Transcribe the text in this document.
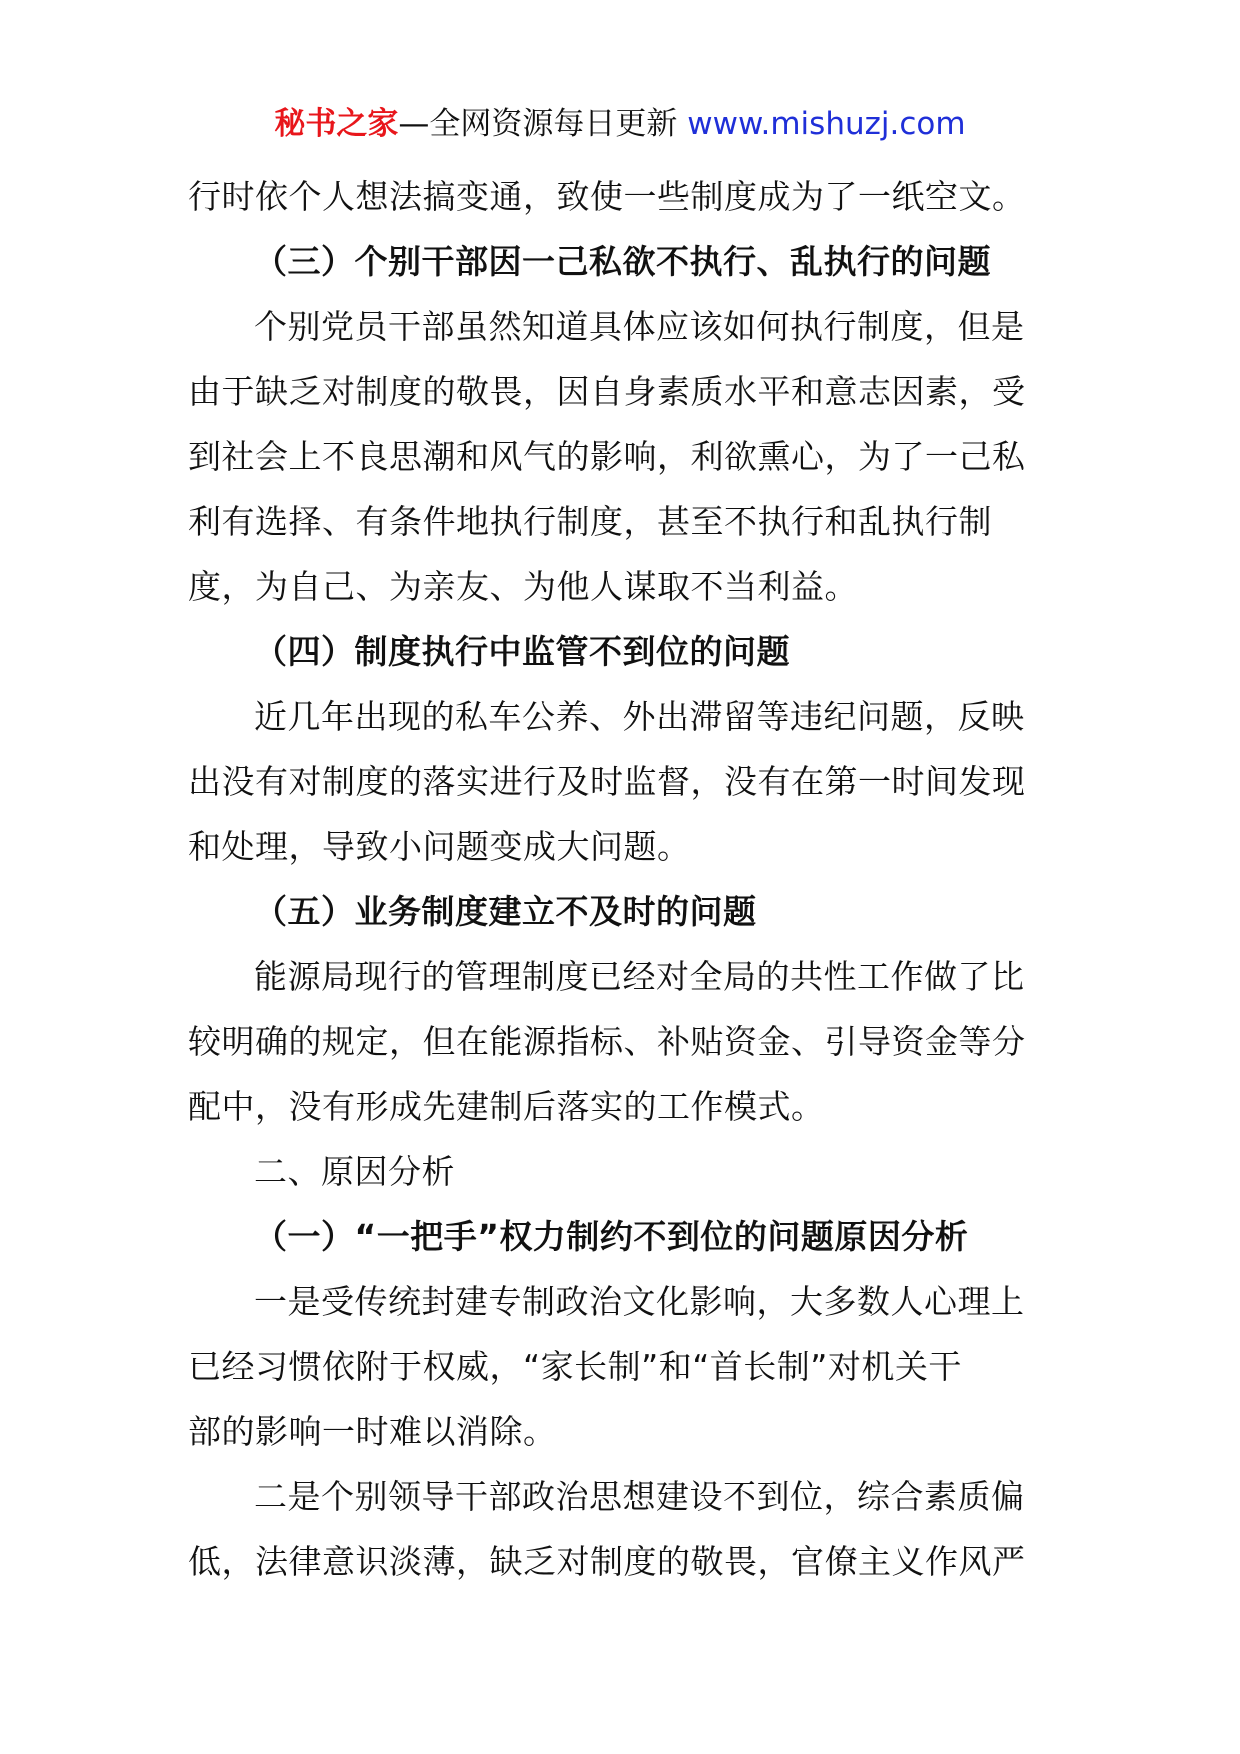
秘书之家—全网资源每日更新 www.mishuzj.com

行时依个人想法搞变通，致使一些制度成为了一纸空文。

（三）个别干部因一己私欲不执行、乱执行的问题

个别党员干部虽然知道具体应该如何执行制度，但是

由于缺乏对制度的敬畏，因自身素质水平和意志因素，受

到社会上不良思潮和风气的影响，利欲熏心，为了一己私

利有选择、有条件地执行制度，甚至不执行和乱执行制

度，为自己、为亲友、为他人谋取不当利益。

（四）制度执行中监管不到位的问题

近几年出现的私车公养、外出滞留等违纪问题，反映

出没有对制度的落实进行及时监督，没有在第一时间发现

和处理，导致小问题变成大问题。

（五）业务制度建立不及时的问题

能源局现行的管理制度已经对全局的共性工作做了比

较明确的规定，但在能源指标、补贴资金、引导资金等分

配中，没有形成先建制后落实的工作模式。

二、原因分析

（一）“一把手”权力制约不到位的问题原因分析

一是受传统封建专制政治文化影响，大多数人心理上

已经习惯依附于权威，“家长制”和“首长制”对机关干

部的影响一时难以消除。

二是个别领导干部政治思想建设不到位，综合素质偏

低，法律意识淡薄，缺乏对制度的敬畏，官僚主义作风严
